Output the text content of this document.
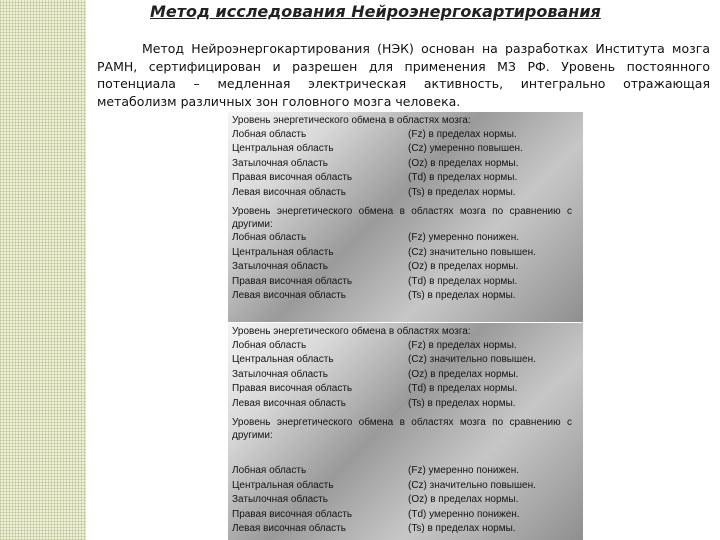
Метод исследования Нейроэнергокартирования

Метод Нейроэнергокартирования (НЭК) основан на разработках Института мозга РАМН, сертифицирован и разрешен для применения МЗ РФ. Уровень постоянного потенциала – медленная электрическая активность, интегрально отражающая метаболизм различных зон головного мозга человека.

Уровень энергетического обмена в областях мозга:
Лобная область	(Fz) в пределах нормы.
Центральная область	(Cz) умеренно повышен.
Затылочная область	(Oz) в пределах нормы.
Правая височная область	(Td) в пределах нормы.
Левая височная область	(Ts) в пределах нормы.
Уровень энергетического обмена в областях мозга по сравнению с другими:
Лобная область	(Fz) умеренно понижен.
Центральная область	(Cz) значительно повышен.
Затылочная область	(Oz) в пределах нормы.
Правая височная область	(Td) в пределах нормы.
Левая височная область	(Ts) в пределах нормы.
Уровень энергетического обмена в областях мозга:
Лобная область	(Fz) в пределах нормы.
Центральная область	(Cz) значительно повышен.
Затылочная область	(Oz) в пределах нормы.
Правая височная область	(Td) в пределах нормы.
Левая височная область	(Ts) в пределах нормы.
Уровень энергетического обмена в областях мозга по сравнению с другими:
Лобная область	(Fz) умеренно понижен.
Центральная область	(Cz) значительно повышен.
Затылочная область	(Oz) в пределах нормы.
Правая височная область	(Td) умеренно понижен.
Левая височная область	(Ts) в пределах нормы.
